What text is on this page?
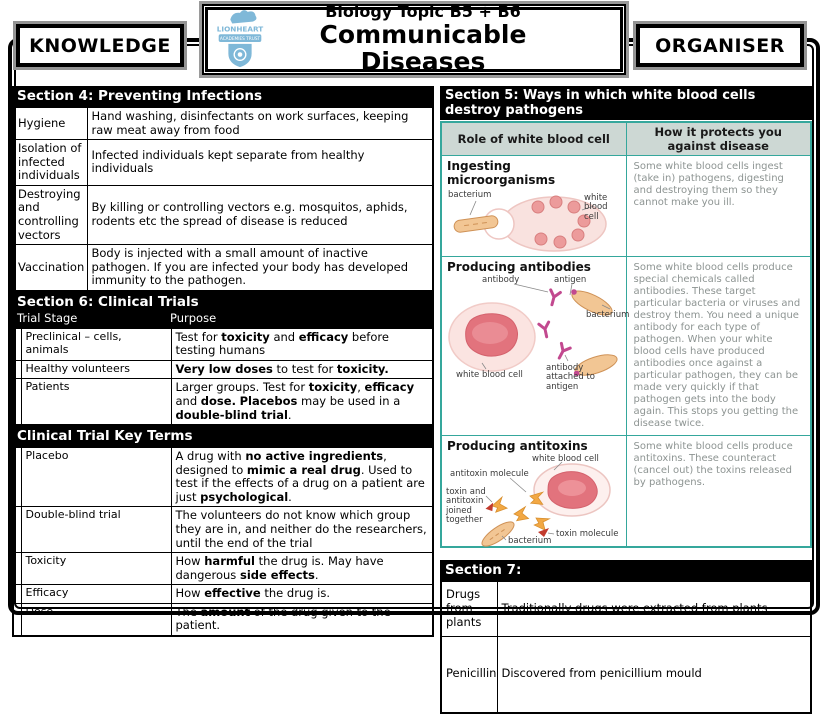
KNOWLEDGE
LIONHEART
ACADEMIES TRUST
Biology Topic B5 + B6
Communicable Diseases
ORGANISER
Section 4: Preventing Infections
Hygiene	Hand washing, disinfectants on work surfaces, keeping raw meat away from food
Isolation of infected individuals	Infected individuals kept separate from healthy individuals
Destroying and controlling vectors	By killing or controlling vectors e.g. mosquitos, aphids, rodents etc the spread of disease is reduced
Vaccination	Body is injected with a small amount of inactive pathogen. If you are infected your body has developed immunity to the pathogen.
Section 6: Clinical Trials
Trial Stage	Purpose
	Preclinical – cells, animals	Test for toxicity and efficacy before testing humans
	Healthy volunteers	Very low doses to test for toxicity.
	Patients	Larger groups. Test for toxicity, efficacy and dose. Placebos may be used in a double-blind trial.
Clinical Trial Key Terms
	Placebo	A drug with no active ingredients, designed to mimic a real drug. Used to test if the effects of a drug on a patient are just psychological.
	Double-blind trial	The volunteers do not know which group they are in, and neither do the researchers, until the end of the trial
	Toxicity	How harmful the drug is. May have dangerous side effects.
	Efficacy	How effective the drug is.
	Dose	The amount of the drug given to the patient.
Section 5: Ways in which white blood cells destroy pathogens
Role of white blood cell	How it protects you against disease

Ingesting microorganisms
bacterium white blood cell	Some white blood cells ingest (take in) pathogens, digesting and destroying them so they cannot make you ill.

Producing antibodies
antibody	antigen
bacterium
white blood cell
antibody attached to antigen
	Some white blood cells produce special chemicals called antibodies. These target particular bacteria or viruses and destroy them. You need a unique antibody for each type of pathogen. When your white blood cells have produced antibodies once against a particular pathogen, they can be made very quickly if that pathogen gets into the body again. This stops you getting the disease twice.

Producing antitoxins
white blood cell
antitoxin molecule
toxin and antitoxin joined together
toxin molecule
bacterium
	Some white blood cells produce antitoxins. These counteract (cancel out) the toxins released by pathogens.
Section 7:
Drugs from plants	Traditionally drugs were extracted from plants
Penicillin	Discovered from penicillium mould
